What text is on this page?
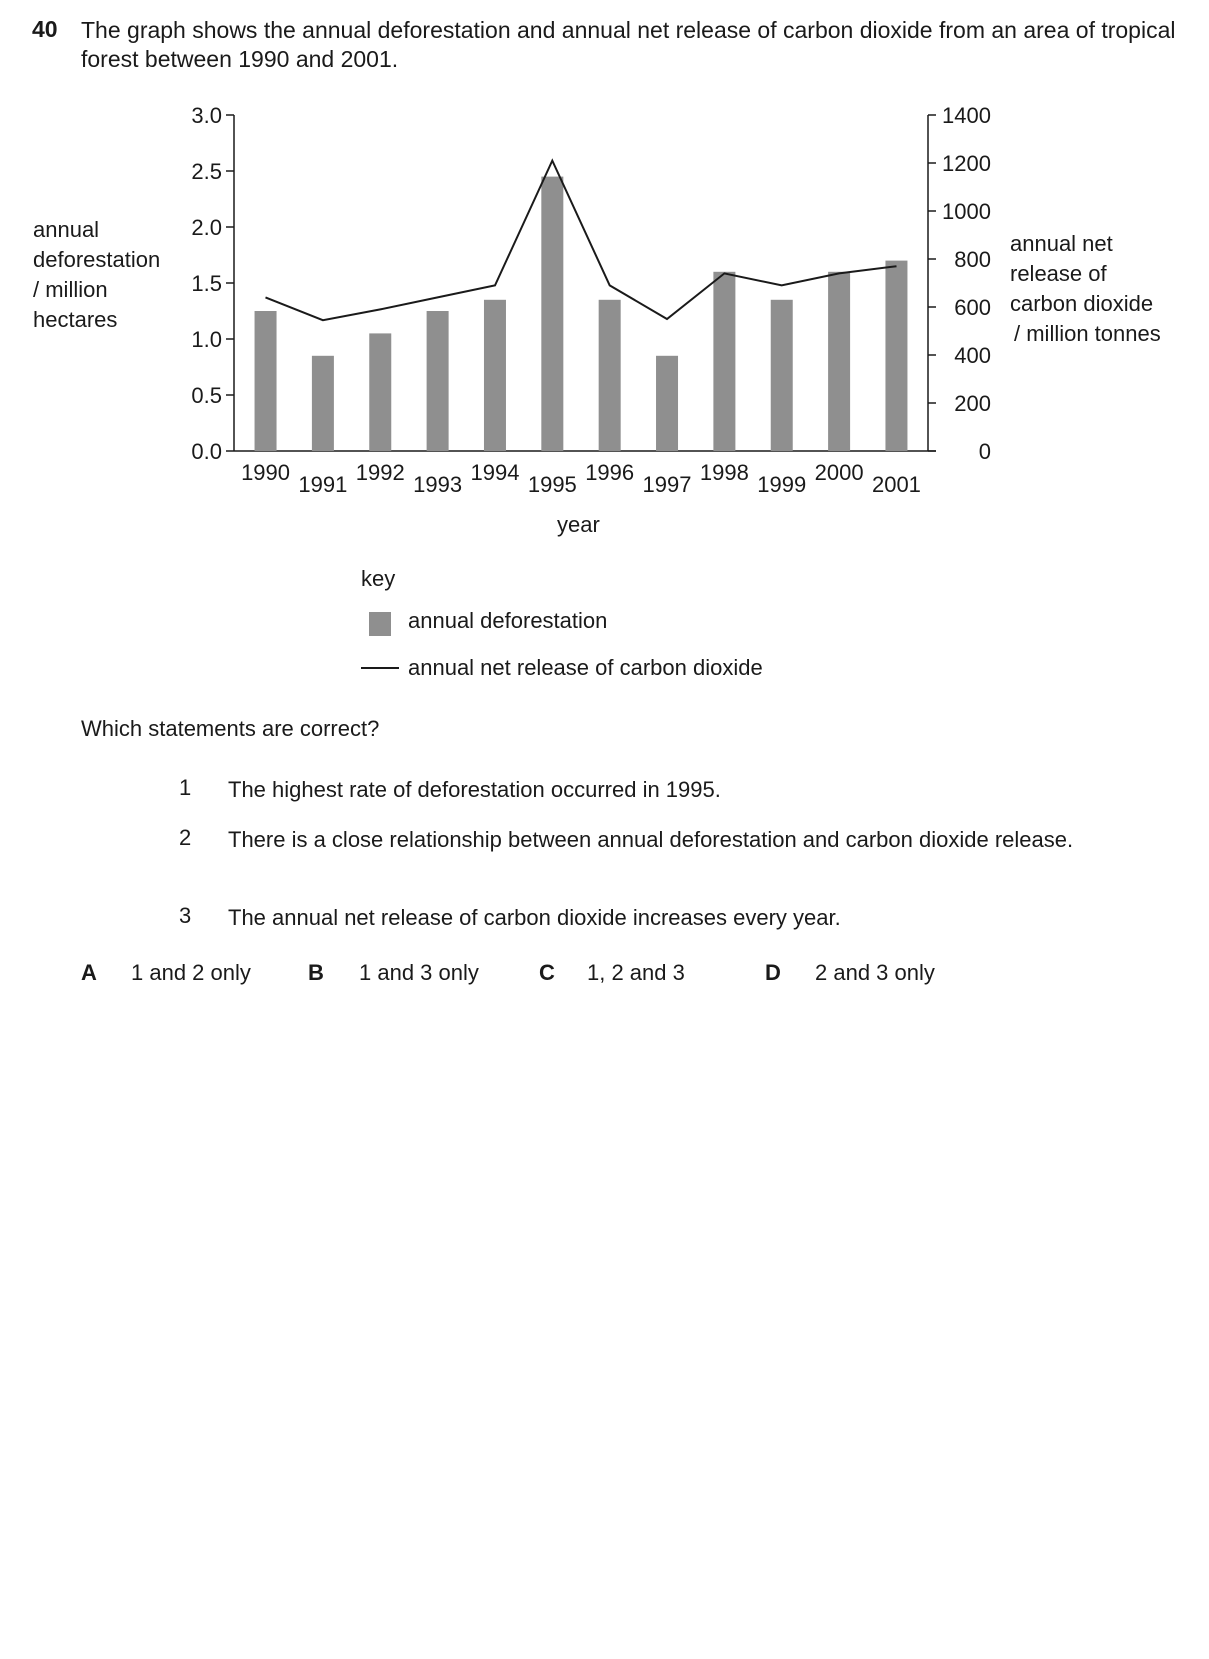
40 The graph shows the annual deforestation and annual net release of carbon dioxide from an area of tropical forest between 1990 and 2001.
0.0
0.5
1.0
1.5
2.0
2.5
3.0
0
200
400
600
800
1000
1200
1400
1990 1991 1992 1993 1994 1995 1996 1997 1998 1999 2000 2001
annual
deforestation
/ million
hectares
annual net
release of
carbon dioxide
/ million tonnes
year
key
annual deforestation
annual net release of carbon dioxide
Which statements are correct?
1 The highest rate of deforestation occurred in 1995.
2 There is a close relationship between annual deforestation and carbon dioxide release.
3 The annual net release of carbon dioxide increases every year.
A 1 and 2 only	B 1 and 3 only	C 1, 2 and 3	D 2 and 3 only
